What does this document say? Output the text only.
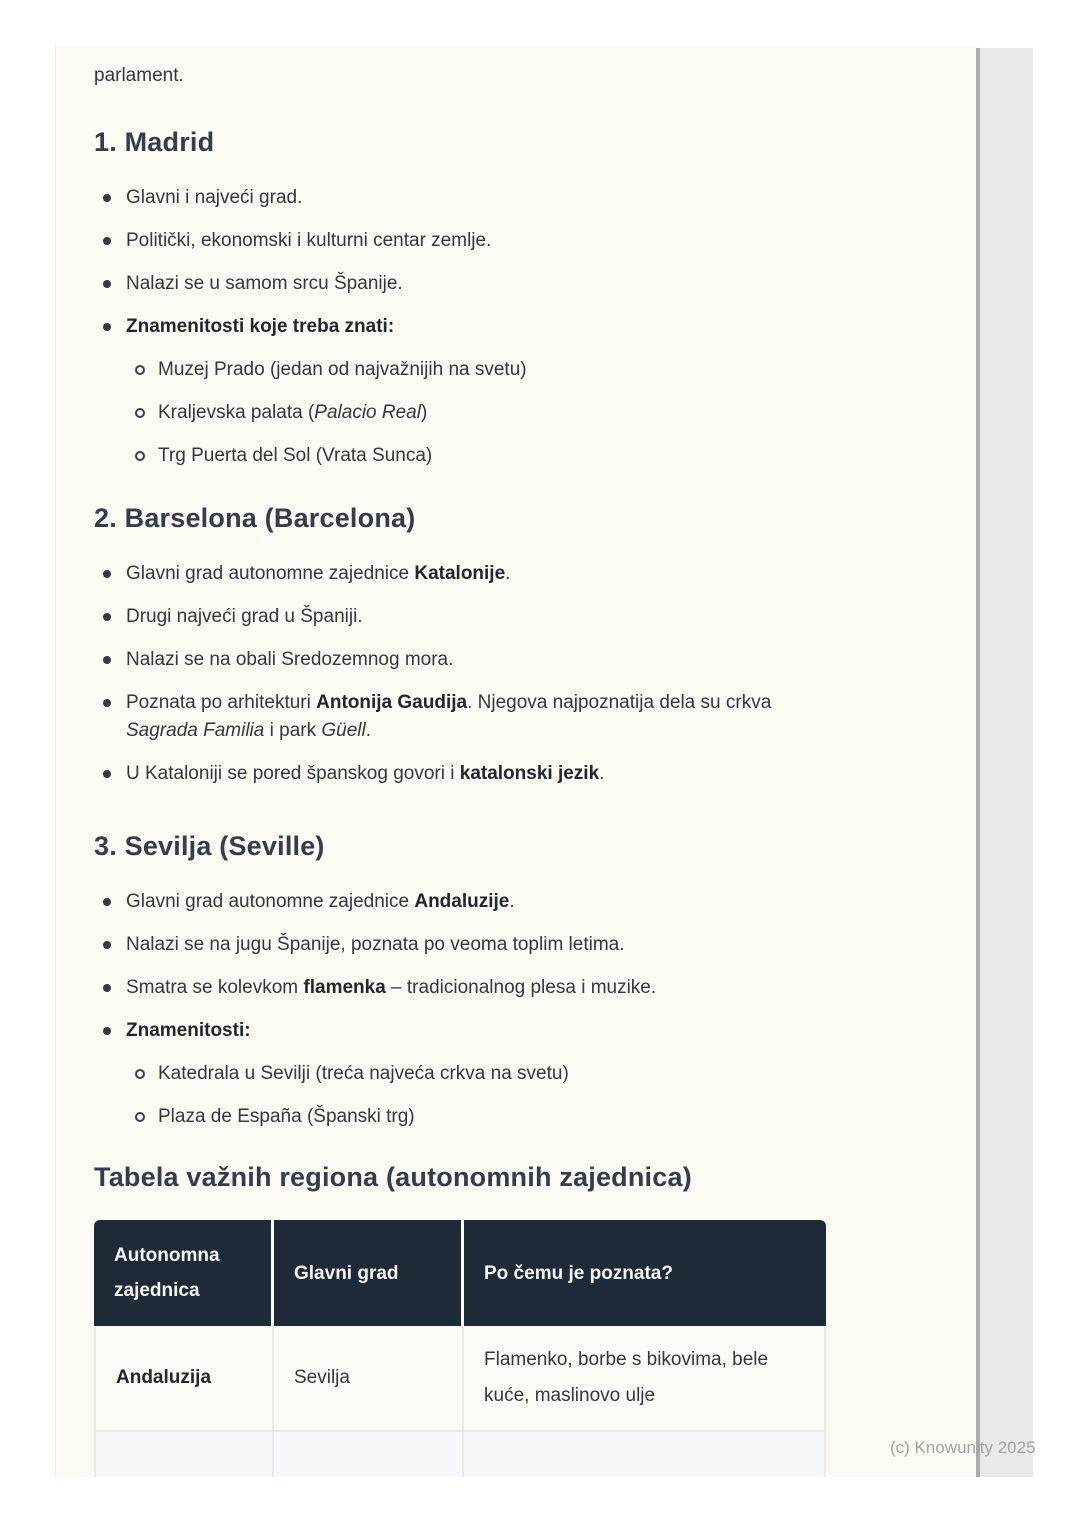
parlament.

1. Madrid
Glavni i najveći grad.
Politički, ekonomski i kulturni centar zemlje.
Nalazi se u samom srcu Španije.
Znamenitosti koje treba znati:
Muzej Prado (jedan od najvažnijih na svetu)
Kraljevska palata (Palacio Real)
Trg Puerta del Sol (Vrata Sunca)
2. Barselona (Barcelona)
Glavni grad autonomne zajednice Katalonije.
Drugi najveći grad u Španiji.
Nalazi se na obali Sredozemnog mora.
Poznata po arhitekturi Antonija Gaudija. Njegova najpoznatija dela su crkva Sagrada Familia i park Güell.
U Kataloniji se pored španskog govori i katalonski jezik.
3. Sevilja (Seville)
Glavni grad autonomne zajednice Andaluzije.
Nalazi se na jugu Španije, poznata po veoma toplim letima.
Smatra se kolevkom flamenka – tradicionalnog plesa i muzike.
Znamenitosti:
Katedrala u Sevilji (treća najveća crkva na svetu)
Plaza de España (Španski trg)
Tabela važnih regiona (autonomnih zajednica)
Autonomna zajednica	Glavni grad	Po čemu je poznata?
Andaluzija	Sevilja	Flamenko, borbe s bikovima, bele kuće, maslinovo ulje

(c) Knowunity 2025
